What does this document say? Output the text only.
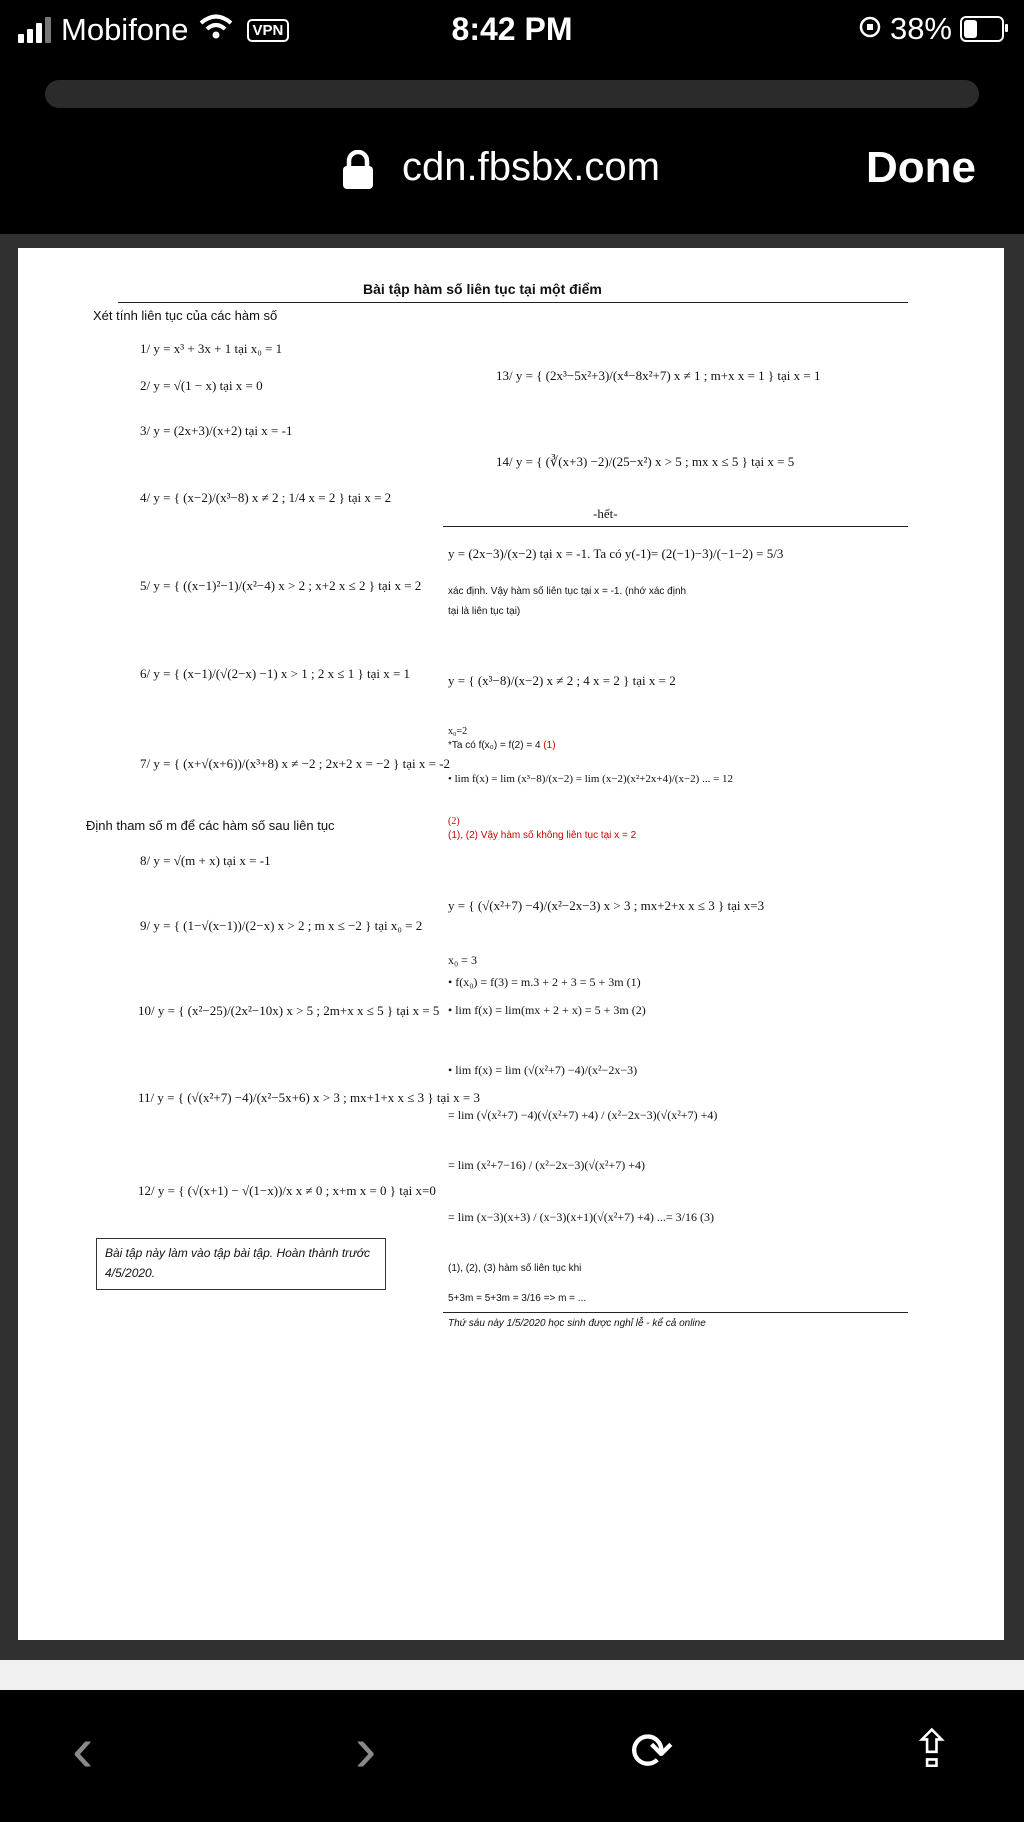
Mobifone	VPN	8:42 PM	38%
cdn.fbsbx.com	Done
Bài tập hàm số liên tục tại một điểm
Xét tính liên tục của các hàm số
1/ y = x³ + 3x + 1 tại x₀ = 1
2/ y = √(1 − x) tại x = 0
3/ y = (2x+3)/(x+2) tại x = -1
4/ y = { (x−2)/(x³−8) x ≠ 2 ; 1/4 x = 2 } tại x = 2
5/ y = { ((x−1)²−1)/(x²−4) x > 2 ; x+2 x ≤ 2 } tại x = 2
6/ y = { (x−1)/(√(2−x) −1) x > 1 ; 2 x ≤ 1 } tại x = 1
7/ y = { (x+√(x+6))/(x³+8) x ≠ −2 ; 2x+2 x = −2 } tại x = -2
Định tham số m để các hàm số sau liên tục
8/ y = √(m + x) tại x = -1
9/ y = { (1−√(x−1))/(2−x) x > 2 ; m x ≤ −2 } tại x₀ = 2
10/ y = { (x²−25)/(2x²−10x) x > 5 ; 2m+x x ≤ 5 } tại x = 5
11/ y = { (√(x²+7) −4)/(x²−5x+6) x > 3 ; mx+1+x x ≤ 3 } tại x = 3
12/ y = { (√(x+1) − √(1−x))/x x ≠ 0 ; x+m x = 0 } tại x=0
Bài tập này làm vào tập bài tập. Hoàn thành trước 4/5/2020.
13/ y = { (2x³−5x²+3)/(x⁴−8x²+7) x ≠ 1 ; m+x x = 1 } tại x = 1
14/ y = { (∛(x+3) −2)/(25−x²) x > 5 ; mx x ≤ 5 } tại x = 5
-hết-
y = (2x−3)/(x−2) tại x = -1. Ta có y(-1)= (2(−1)−3)/(−1−2) = 5/3
xác định. Vậy hàm số liên tục tại x = -1. (nhớ xác định
tại là liên tục tại)
y = { (x³−8)/(x−2) x ≠ 2 ; 4 x = 2 } tại x = 2
x₀=2
*Ta có f(x₀) = f(2) = 4 (1)
• lim f(x) = lim (x³−8)/(x−2) = lim (x−2)(x²+2x+4)/(x−2) ... = 12
(2)
(1), (2) Vậy hàm số không liên tục tại x = 2
y = { (√(x²+7) −4)/(x²−2x−3) x > 3 ; mx+2+x x ≤ 3 } tại x=3
x₀ = 3
• f(x₀) = f(3) = m.3 + 2 + 3 = 5 + 3m (1)
• lim f(x) = lim(mx + 2 + x) = 5 + 3m (2)
• lim f(x) = lim (√(x²+7) −4)/(x²−2x−3)
= lim (√(x²+7) −4)(√(x²+7) +4) / (x²−2x−3)(√(x²+7) +4)
= lim (x²+7−16) / (x²−2x−3)(√(x²+7) +4)
= lim (x−3)(x+3) / (x−3)(x+1)(√(x²+7) +4) ...= 3/16 (3)
(1), (2), (3) hàm số liên tục khi
5+3m = 5+3m = 3/16 => m = ...
Thứ sáu này 1/5/2020 học sinh được nghỉ lễ - kể cả online
‹	›	⟳	⇪
